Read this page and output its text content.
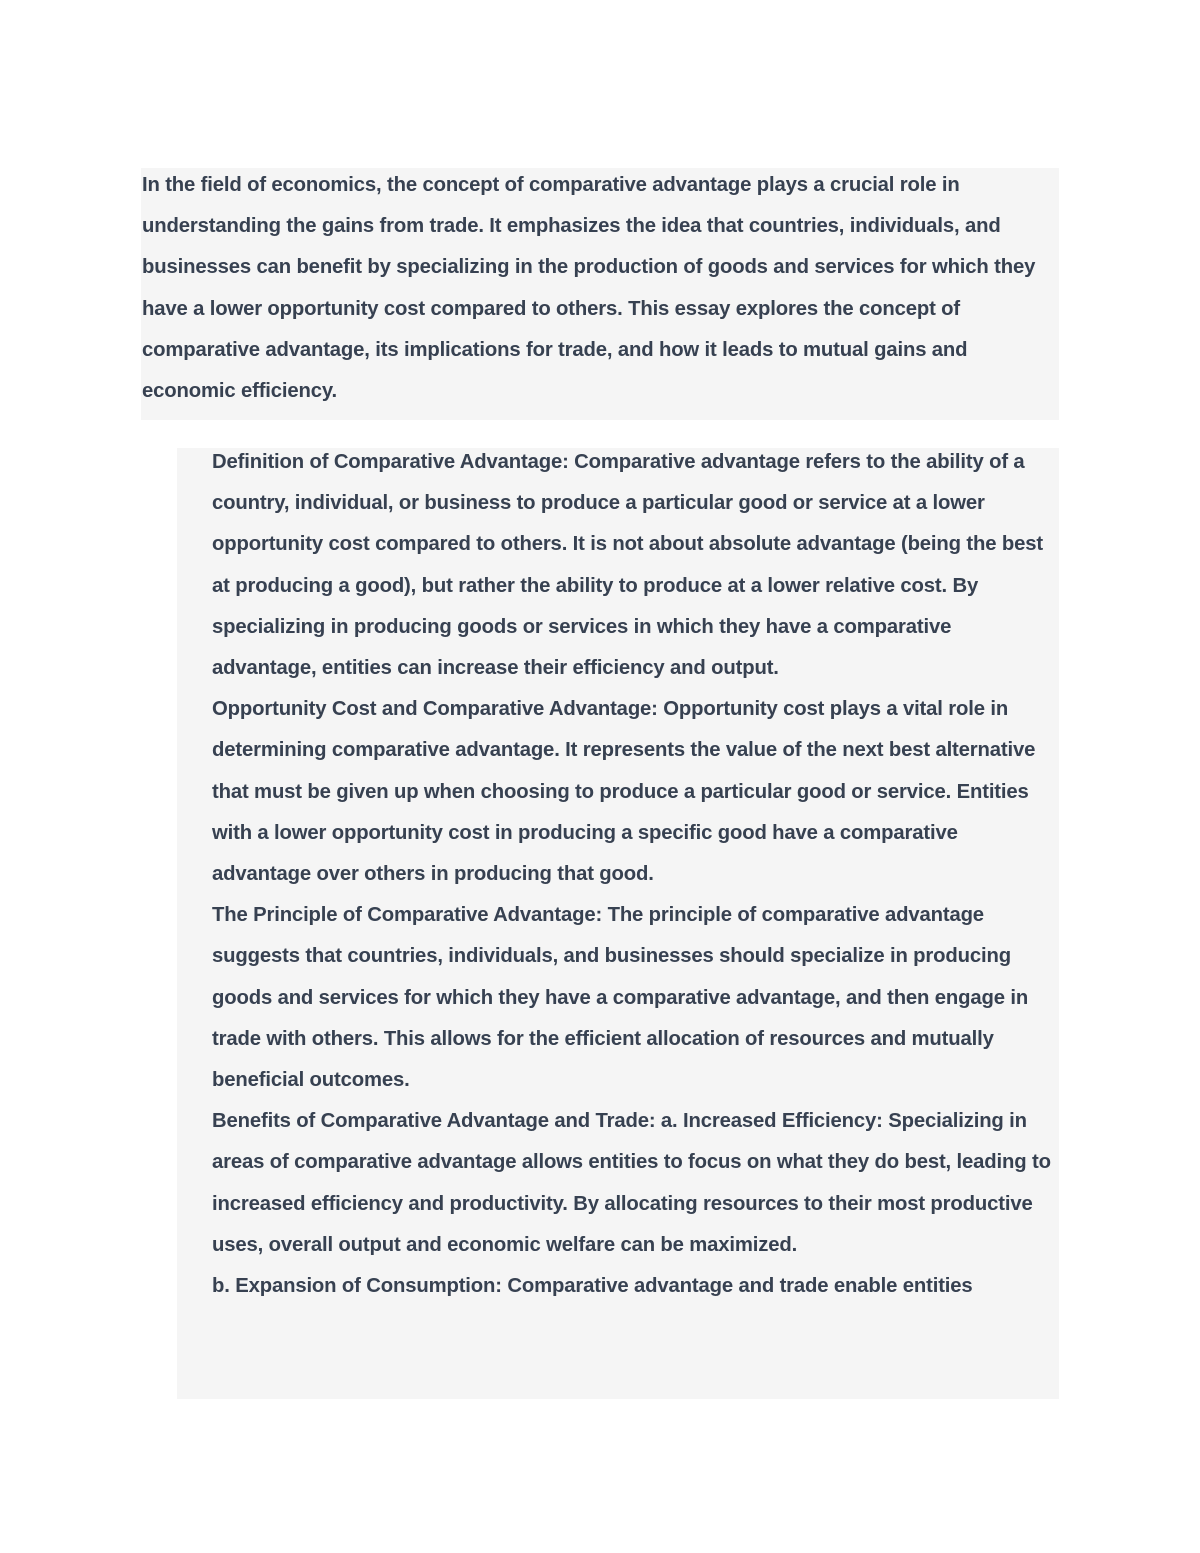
In the field of economics, the concept of comparative advantage plays a crucial role in understanding the gains from trade. It emphasizes the idea that countries, individuals, and businesses can benefit by specializing in the production of goods and services for which they have a lower opportunity cost compared to others. This essay explores the concept of comparative advantage, its implications for trade, and how it leads to mutual gains and economic efficiency.

Definition of Comparative Advantage: Comparative advantage refers to the ability of a country, individual, or business to produce a particular good or service at a lower opportunity cost compared to others. It is not about absolute advantage (being the best at producing a good), but rather the ability to produce at a lower relative cost. By specializing in producing goods or services in which they have a comparative advantage, entities can increase their efficiency and output.

Opportunity Cost and Comparative Advantage: Opportunity cost plays a vital role in determining comparative advantage. It represents the value of the next best alternative that must be given up when choosing to produce a particular good or service. Entities with a lower opportunity cost in producing a specific good have a comparative advantage over others in producing that good.

The Principle of Comparative Advantage: The principle of comparative advantage suggests that countries, individuals, and businesses should specialize in producing goods and services for which they have a comparative advantage, and then engage in trade with others. This allows for the efficient allocation of resources and mutually beneficial outcomes.

Benefits of Comparative Advantage and Trade: a. Increased Efficiency: Specializing in areas of comparative advantage allows entities to focus on what they do best, leading to increased efficiency and productivity. By allocating resources to their most productive uses, overall output and economic welfare can be maximized.

b. Expansion of Consumption: Comparative advantage and trade enable entities
